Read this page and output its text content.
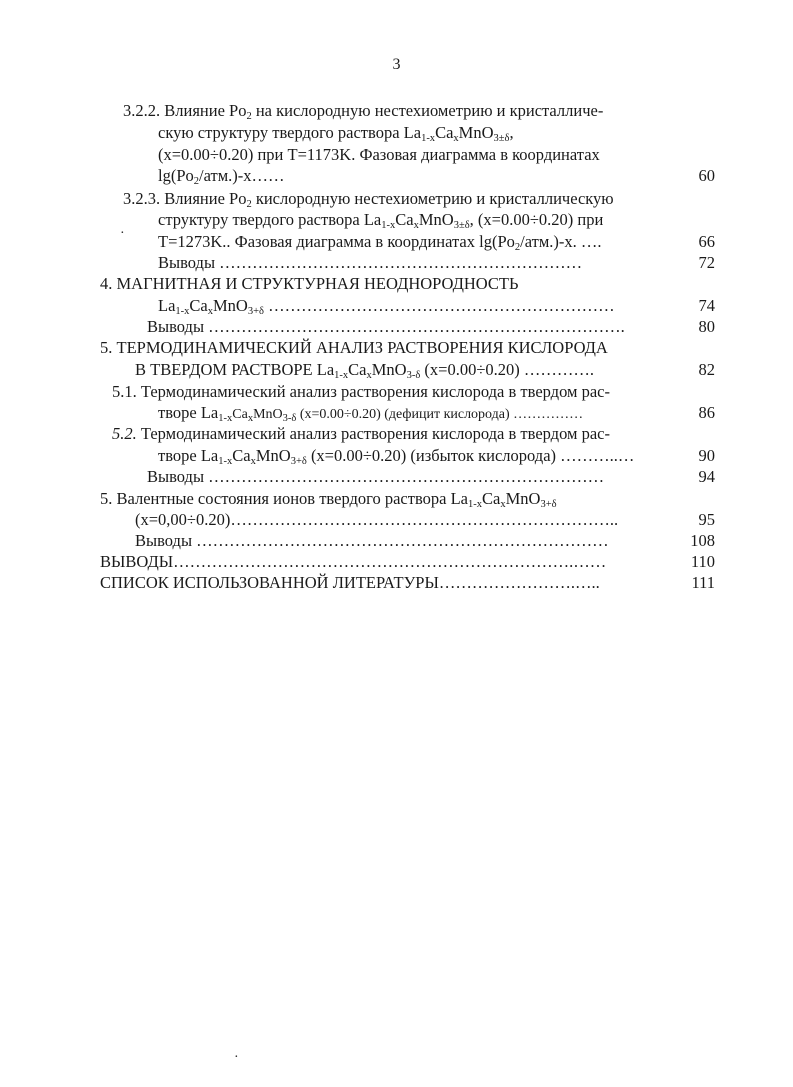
3
3.2.2. Влияние $Po_2$ на кислородную нестехиометрию и кристалличе-
скую структуру твердого раствора $La_{1-x}Ca_xMnO_{3\pm\delta}$,
(x=0.00÷0.20) при T=1173K. Фазовая диаграмма в координатах
$\lg(Po_2/атм.)-x\dots\dots$	60
3.2.3. Влияние $Po_2$ кислородную нестехиометрию и кристаллическую
структуру твердого раствора $La_{1-x}Ca_xMnO_{3\pm\delta}$, (x=0.00÷0.20) при
T=1273K.. Фазовая диаграмма в координатах $\lg(Po_2/атм.)-x$. ….	66
·
Выводы …………………………………………………………	72
4. МАГНИТНАЯ И СТРУКТУРНАЯ НЕОДНОРОДНОСТЬ
$La_{1-x}Ca_xMnO_{3+\delta}$ ………………………………………………………	74
Выводы ………………………………………………………………….	80
5. ТЕРМОДИНАМИЧЕСКИЙ АНАЛИЗ РАСТВОРЕНИЯ КИСЛОРОДА
В ТВЕРДОМ РАСТВОРЕ $La_{1-x}Ca_xMnO_{3-\delta}$ (x=0.00÷0.20) ………….	82
5.1. Термодинамический анализ растворения кислорода в твердом рас-
творе $La_{1-x}Ca_xMnO_{3-\delta}$ (x=0.00÷0.20) (дефицит кислорода) ……………	86
5.2. Термодинамический анализ растворения кислорода в твердом рас-
творе $La_{1-x}Ca_xMnO_{3+\delta}$ (x=0.00÷0.20) (избыток кислорода) ………..…	90
Выводы ………………………………………………………………	94
5. Валентные состояния ионов твердого раствора $La_{1-x}Ca_xMnO_{3+\delta}$
(x=0,00÷0.20)……………………………………………………………..	95
Выводы …………………………………………………………………	108
ВЫВОДЫ……………………………………………………………….……	110
СПИСОК ИСПОЛЬЗОВАННОЙ ЛИТЕРАТУРЫ…………………….…..	111
·
